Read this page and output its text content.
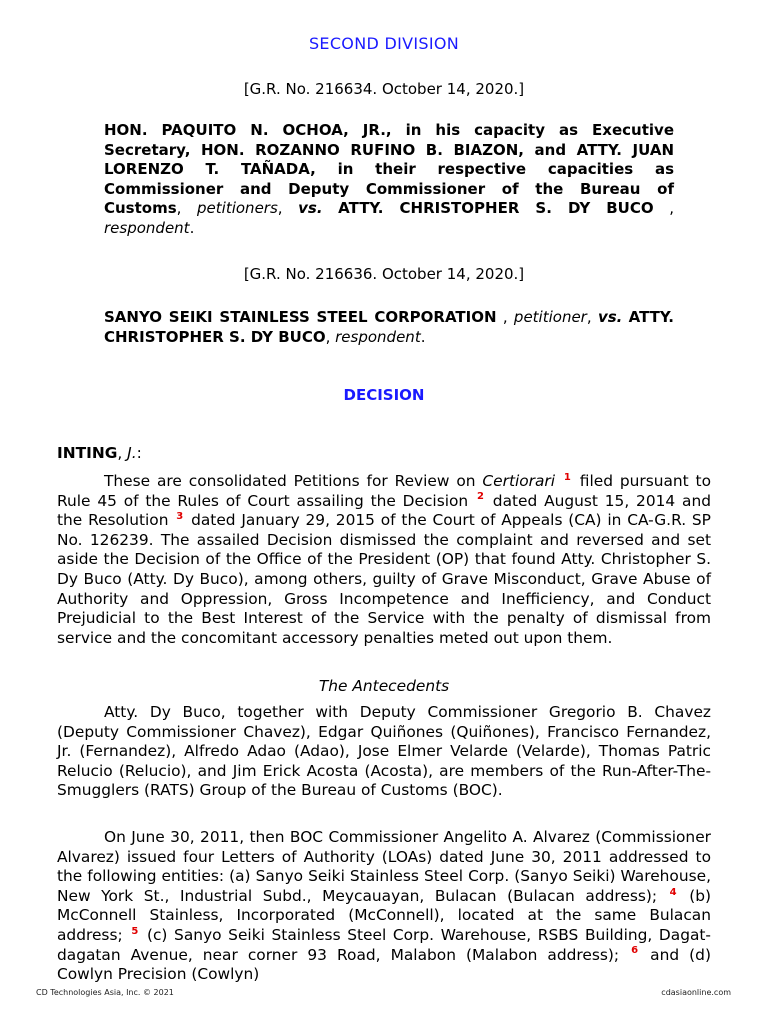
SECOND DIVISION
[G.R. No. 216634. October 14, 2020.]
HON. PAQUITO N. OCHOA, JR., in his capacity as Executive Secretary, HON. ROZANNO RUFINO B. BIAZON, and ATTY. JUAN LORENZO T. TAÑADA, in their respective capacities as Commissioner and Deputy Commissioner of the Bureau of Customs, petitioners, vs. ATTY. CHRISTOPHER S. DY BUCO , respondent.
[G.R. No. 216636. October 14, 2020.]
SANYO SEIKI STAINLESS STEEL CORPORATION , petitioner, vs. ATTY. CHRISTOPHER S. DY BUCO, respondent.
DECISION
INTING, J.:
These are consolidated Petitions for Review on Certiorari $^1$ filed pursuant to Rule 45 of the Rules of Court assailing the Decision $^2$ dated August 15, 2014 and the Resolution $^3$ dated January 29, 2015 of the Court of Appeals (CA) in CA-G.R. SP No. 126239. The assailed Decision dismissed the complaint and reversed and set aside the Decision of the Office of the President (OP) that found Atty. Christopher S. Dy Buco (Atty. Dy Buco), among others, guilty of Grave Misconduct, Grave Abuse of Authority and Oppression, Gross Incompetence and Inefficiency, and Conduct Prejudicial to the Best Interest of the Service with the penalty of dismissal from service and the concomitant accessory penalties meted out upon them.
The Antecedents
Atty. Dy Buco, together with Deputy Commissioner Gregorio B. Chavez (Deputy Commissioner Chavez), Edgar Quiñones (Quiñones), Francisco Fernandez, Jr. (Fernandez), Alfredo Adao (Adao), Jose Elmer Velarde (Velarde), Thomas Patric Relucio (Relucio), and Jim Erick Acosta (Acosta), are members of the Run-After-The-Smugglers (RATS) Group of the Bureau of Customs (BOC).
On June 30, 2011, then BOC Commissioner Angelito A. Alvarez (Commissioner Alvarez) issued four Letters of Authority (LOAs) dated June 30, 2011 addressed to the following entities: (a) Sanyo Seiki Stainless Steel Corp. (Sanyo Seiki) Warehouse, New York St., Industrial Subd., Meycauayan, Bulacan (Bulacan address); $^4$ (b) McConnell Stainless, Incorporated (McConnell), located at the same Bulacan address; $^5$ (c) Sanyo Seiki Stainless Steel Corp. Warehouse, RSBS Building, Dagat-dagatan Avenue, near corner 93 Road, Malabon (Malabon address); $^6$ and (d) Cowlyn Precision (Cowlyn)
CD Technologies Asia, Inc. © 2021	cdasiaonline.com
